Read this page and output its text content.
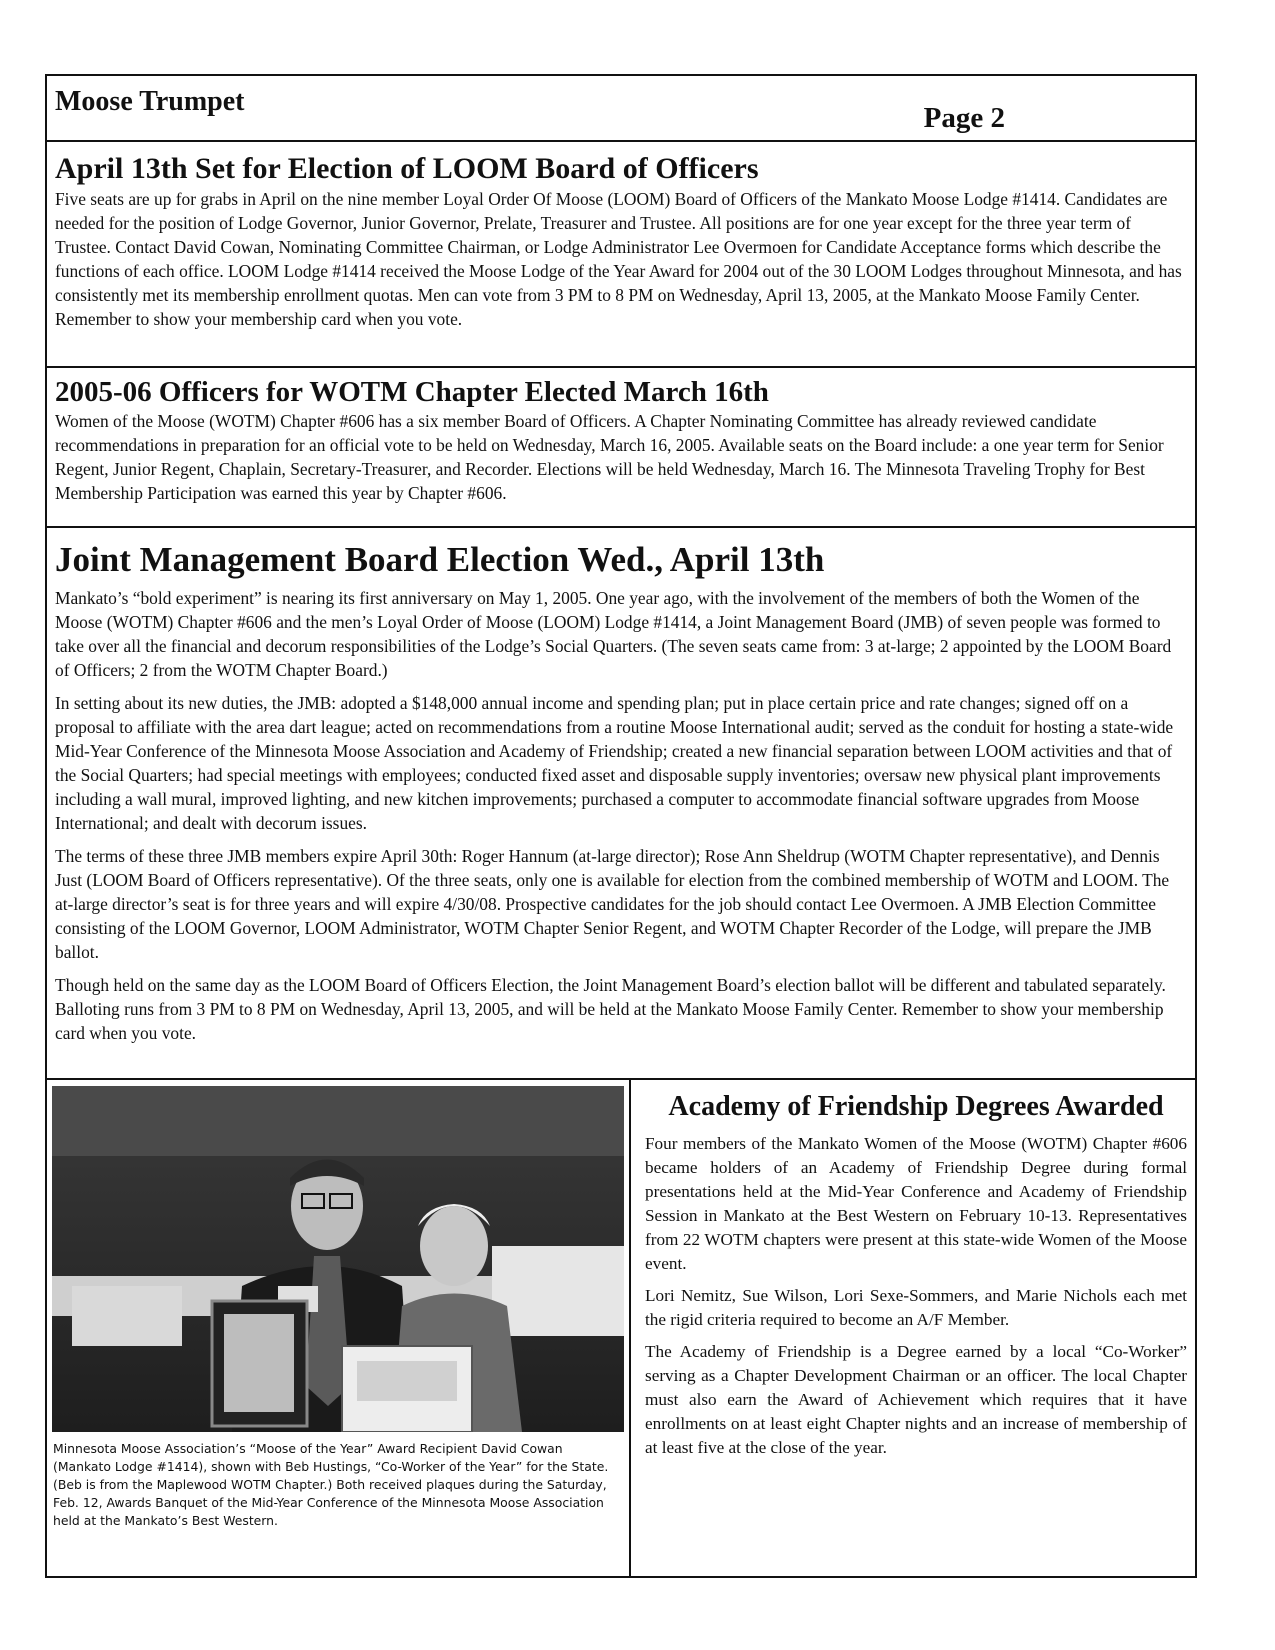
Moose Trumpet
Page 2
April 13th Set for Election of LOOM Board of Officers

Five seats are up for grabs in April on the nine member Loyal Order Of Moose (LOOM) Board of Officers of the Mankato Moose Lodge #1414. Candidates are needed for the position of Lodge Governor, Junior Governor, Prelate, Treasurer and Trustee. All positions are for one year except for the three year term of Trustee. Contact David Cowan, Nominating Committee Chairman, or Lodge Administrator Lee Overmoen for Candidate Acceptance forms which describe the functions of each office. LOOM Lodge #1414 received the Moose Lodge of the Year Award for 2004 out of the 30 LOOM Lodges throughout Minnesota, and has consistently met its membership enrollment quotas. Men can vote from 3 PM to 8 PM on Wednesday, April 13, 2005, at the Mankato Moose Family Center. Remember to show your membership card when you vote.

2005-06 Officers for WOTM Chapter Elected March 16th

Women of the Moose (WOTM) Chapter #606 has a six member Board of Officers. A Chapter Nominating Committee has already reviewed candidate recommendations in preparation for an official vote to be held on Wednesday, March 16, 2005. Available seats on the Board include: a one year term for Senior Regent, Junior Regent, Chaplain, Secretary-Treasurer, and Recorder. Elections will be held Wednesday, March 16. The Minnesota Traveling Trophy for Best Membership Participation was earned this year by Chapter #606.

Joint Management Board Election Wed., April 13th

Mankato’s “bold experiment” is nearing its first anniversary on May 1, 2005. One year ago, with the involvement of the members of both the Women of the Moose (WOTM) Chapter #606 and the men’s Loyal Order of Moose (LOOM) Lodge #1414, a Joint Management Board (JMB) of seven people was formed to take over all the financial and decorum responsibilities of the Lodge’s Social Quarters. (The seven seats came from: 3 at-large; 2 appointed by the LOOM Board of Officers; 2 from the WOTM Chapter Board.)

In setting about its new duties, the JMB: adopted a $148,000 annual income and spending plan; put in place certain price and rate changes; signed off on a proposal to affiliate with the area dart league; acted on recommendations from a routine Moose International audit; served as the conduit for hosting a state-wide Mid-Year Conference of the Minnesota Moose Association and Academy of Friendship; created a new financial separation between LOOM activities and that of the Social Quarters; had special meetings with employees; conducted fixed asset and disposable supply inventories; oversaw new physical plant improvements including a wall mural, improved lighting, and new kitchen improvements; purchased a computer to accommodate financial software upgrades from Moose International; and dealt with decorum issues.

The terms of these three JMB members expire April 30th: Roger Hannum (at-large director); Rose Ann Sheldrup (WOTM Chapter representative), and Dennis Just (LOOM Board of Officers representative). Of the three seats, only one is available for election from the combined membership of WOTM and LOOM. The at-large director’s seat is for three years and will expire 4/30/08. Prospective candidates for the job should contact Lee Overmoen. A JMB Election Committee consisting of the LOOM Governor, LOOM Administrator, WOTM Chapter Senior Regent, and WOTM Chapter Recorder of the Lodge, will prepare the JMB ballot.

Though held on the same day as the LOOM Board of Officers Election, the Joint Management Board’s election ballot will be different and tabulated separately. Balloting runs from 3 PM to 8 PM on Wednesday, April 13, 2005, and will be held at the Mankato Moose Family Center. Remember to show your membership card when you vote.

Minnesota Moose Association’s “Moose of the Year” Award Recipient David Cowan (Mankato Lodge #1414), shown with Beb Hustings, “Co-Worker of the Year” for the State. (Beb is from the Maplewood WOTM Chapter.) Both received plaques during the Saturday, Feb. 12, Awards Banquet of the Mid-Year Conference of the Minnesota Moose Association held at the Mankato’s Best Western.
Academy of Friendship Degrees Awarded

Four members of the Mankato Women of the Moose (WOTM) Chapter #606 became holders of an Academy of Friendship Degree during formal presentations held at the Mid-Year Conference and Academy of Friendship Session in Mankato at the Best Western on February 10-13. Representatives from 22 WOTM chapters were present at this state-wide Women of the Moose event.

Lori Nemitz, Sue Wilson, Lori Sexe-Sommers, and Marie Nichols each met the rigid criteria required to become an A/F Member.

The Academy of Friendship is a Degree earned by a local “Co-Worker” serving as a Chapter Development Chairman or an officer. The local Chapter must also earn the Award of Achievement which requires that it have enrollments on at least eight Chapter nights and an increase of membership of at least five at the close of the year.
